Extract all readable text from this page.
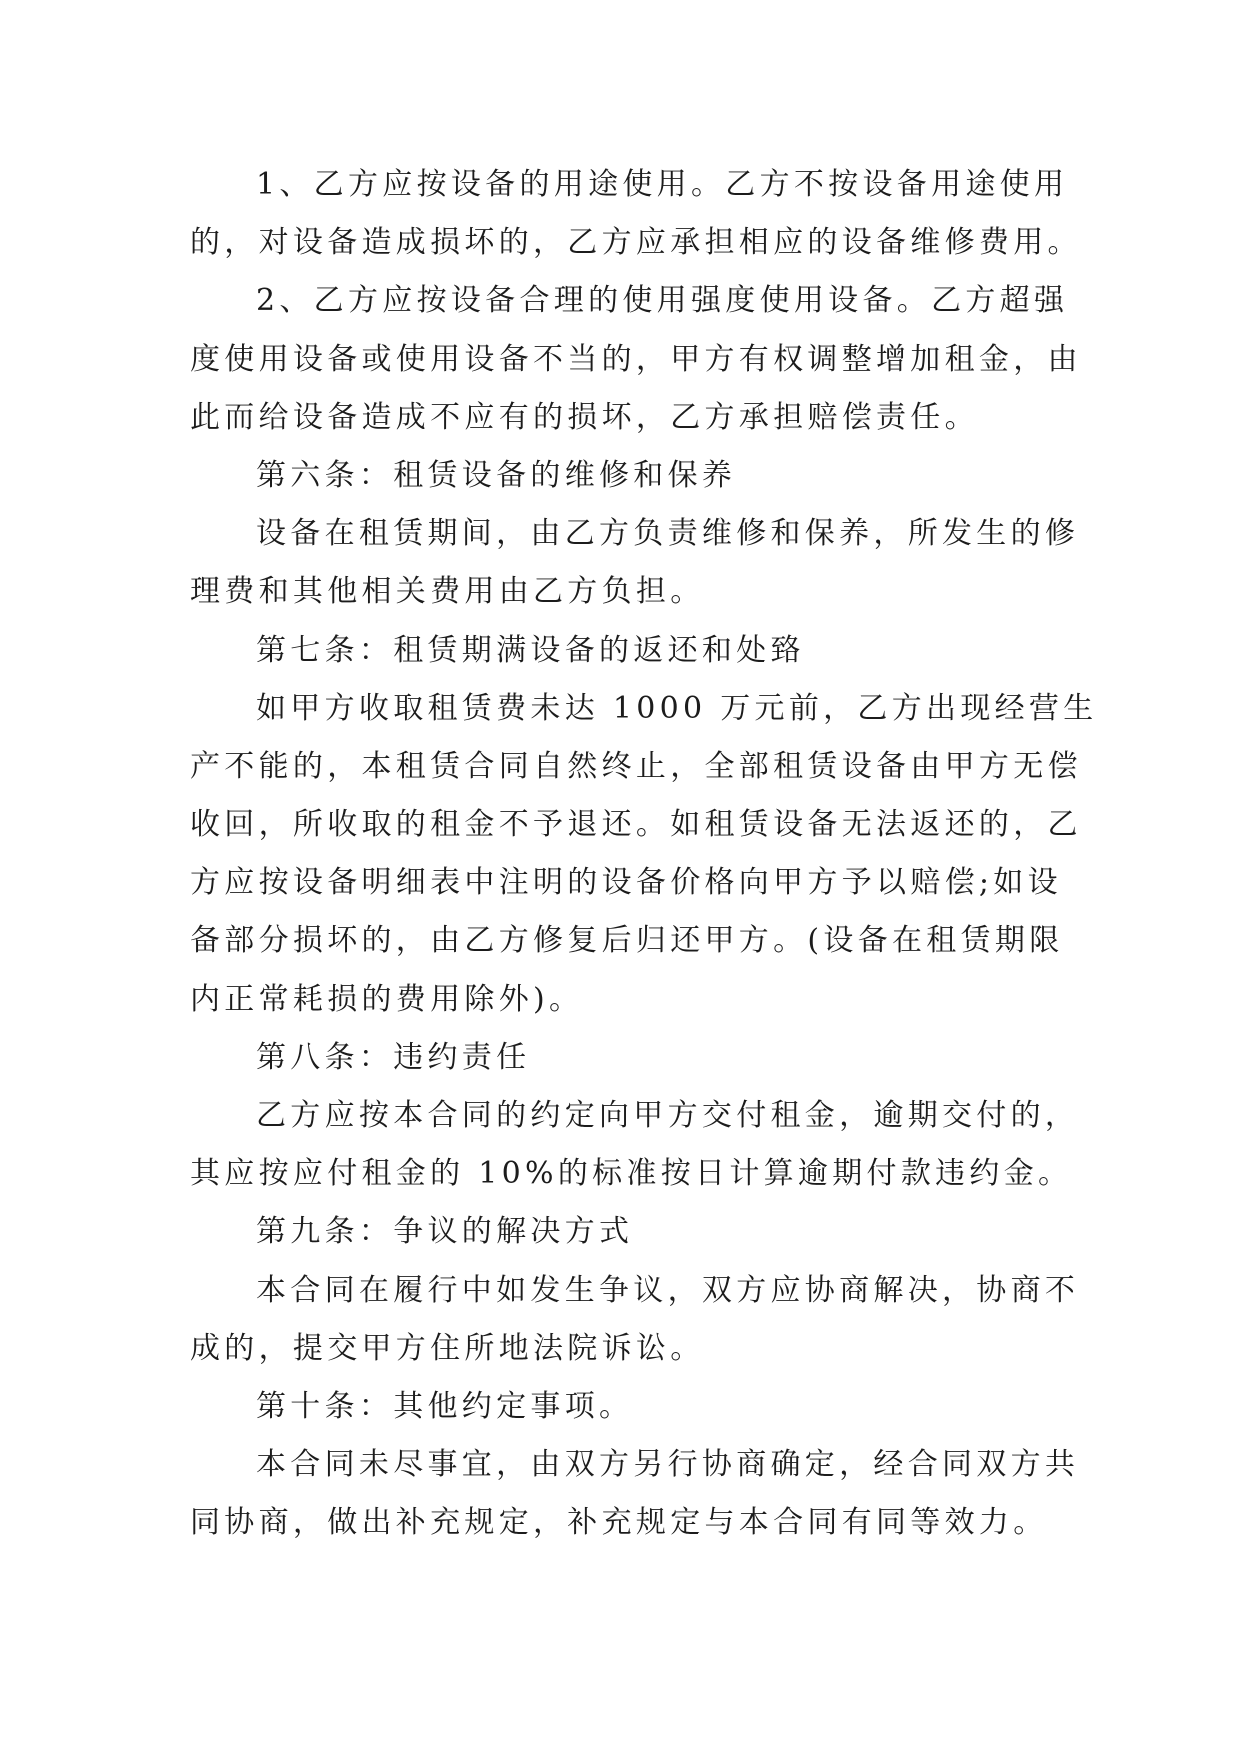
1、乙方应按设备的用途使用。乙方不按设备用途使用
的，对设备造成损坏的，乙方应承担相应的设备维修费用。
2、乙方应按设备合理的使用强度使用设备。乙方超强
度使用设备或使用设备不当的，甲方有权调整增加租金，由
此而给设备造成不应有的损坏，乙方承担赔偿责任。
第六条：租赁设备的维修和保养
设备在租赁期间，由乙方负责维修和保养，所发生的修
理费和其他相关费用由乙方负担。
第七条：租赁期满设备的返还和处臵
如甲方收取租赁费未达 1000 万元前，乙方出现经营生
产不能的，本租赁合同自然终止，全部租赁设备由甲方无偿
收回，所收取的租金不予退还。如租赁设备无法返还的，乙
方应按设备明细表中注明的设备价格向甲方予以赔偿;如设
备部分损坏的，由乙方修复后归还甲方。(设备在租赁期限
内正常耗损的费用除外)。
第八条：违约责任
乙方应按本合同的约定向甲方交付租金，逾期交付的，
其应按应付租金的 10%的标准按日计算逾期付款违约金。
第九条：争议的解决方式
本合同在履行中如发生争议，双方应协商解决，协商不
成的，提交甲方住所地法院诉讼。
第十条：其他约定事项。
本合同未尽事宜，由双方另行协商确定，经合同双方共
同协商，做出补充规定，补充规定与本合同有同等效力。
